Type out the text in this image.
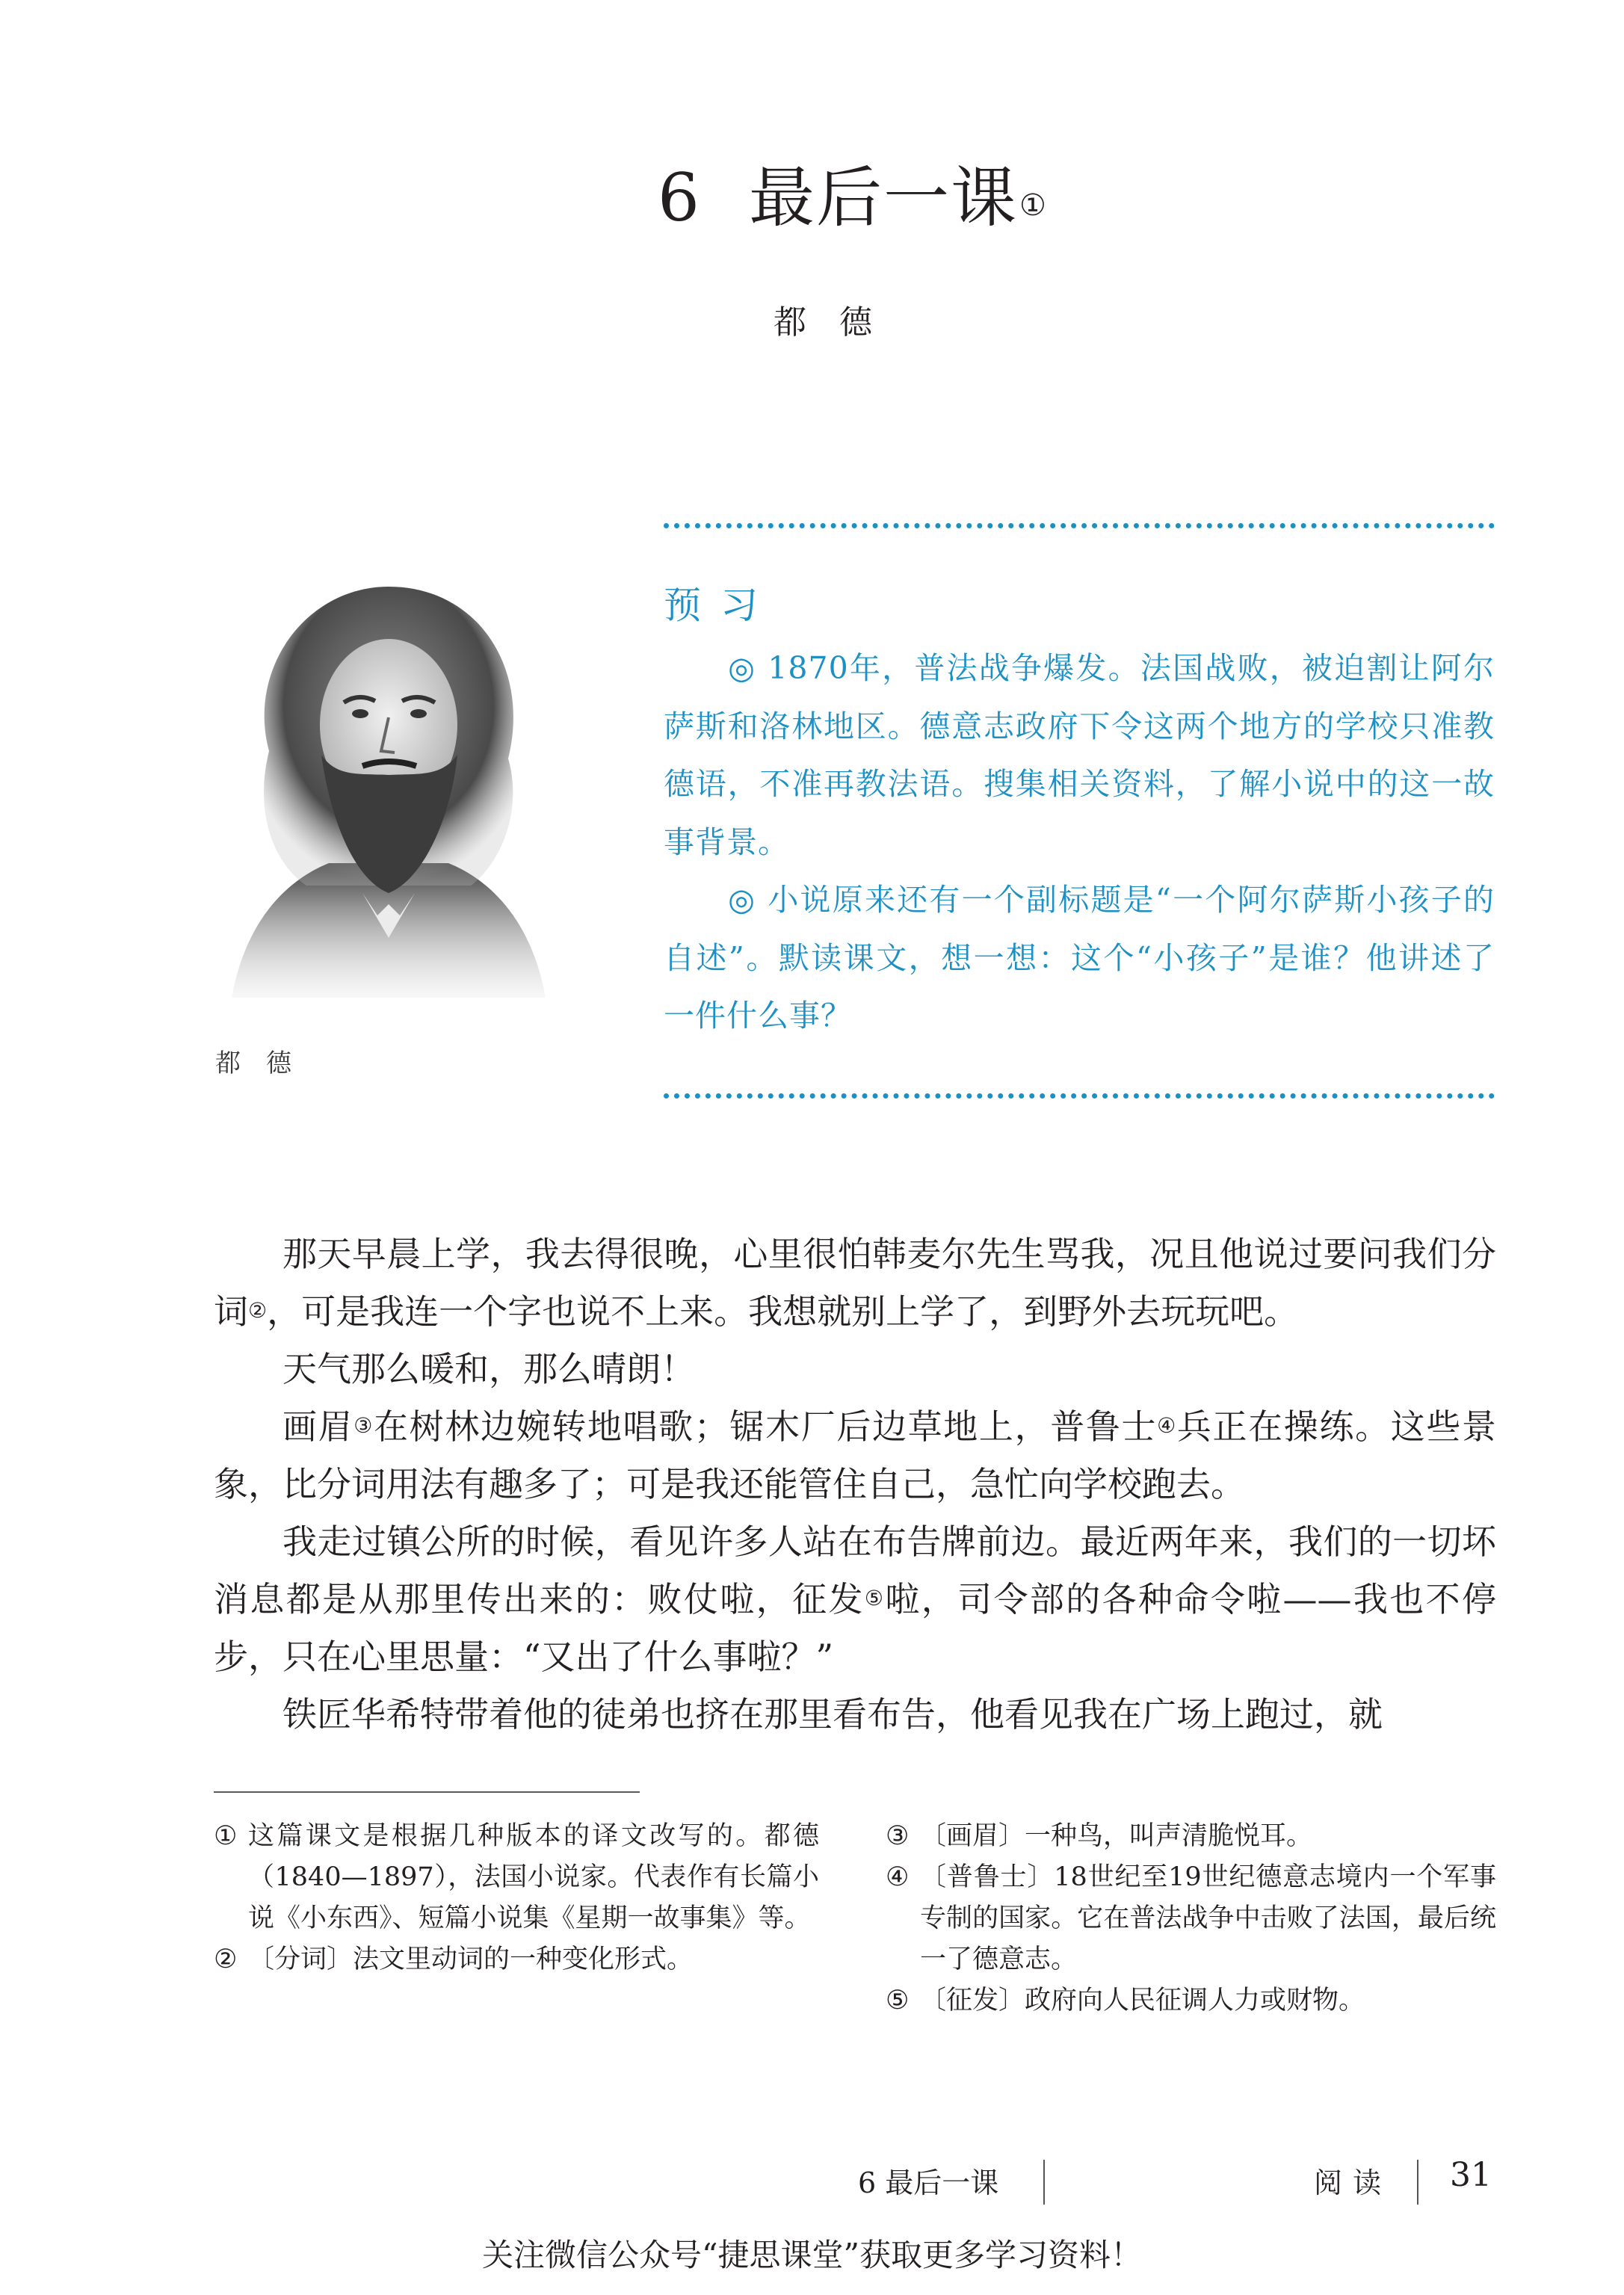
6 最后一课①
都德
都德
预习

◎ 1870年，普法战争爆发。法国战败，被迫割让阿尔萨斯和洛林地区。德意志政府下令这两个地方的学校只准教德语，不准再教法语。搜集相关资料，了解小说中的这一故事背景。

◎ 小说原来还有一个副标题是“一个阿尔萨斯小孩子的自述”。默读课文，想一想：这个“小孩子”是谁？他讲述了一件什么事？

那天早晨上学，我去得很晚，心里很怕韩麦尔先生骂我，况且他说过要问我们分词②，可是我连一个字也说不上来。我想就别上学了，到野外去玩玩吧。

天气那么暖和，那么晴朗！

画眉③在树林边婉转地唱歌；锯木厂后边草地上，普鲁士④兵正在操练。这些景象，比分词用法有趣多了；可是我还能管住自己，急忙向学校跑去。

我走过镇公所的时候，看见许多人站在布告牌前边。最近两年来，我们的一切坏消息都是从那里传出来的：败仗啦，征发⑤啦，司令部的各种命令啦——我也不停步，只在心里思量：“又出了什么事啦？”

铁匠华希特带着他的徒弟也挤在那里看布告，他看见我在广场上跑过，就

① 这篇课文是根据几种版本的译文改写的。都德（1840—1897），法国小说家。代表作有长篇小说《小东西》、短篇小说集《星期一故事集》等。
② 〔分词〕法文里动词的一种变化形式。
③ 〔画眉〕一种鸟，叫声清脆悦耳。
④ 〔普鲁士〕18世纪至19世纪德意志境内一个军事专制的国家。它在普法战争中击败了法国，最后统一了德意志。
⑤ 〔征发〕政府向人民征调人力或财物。
6 最后一课	阅读 31
关注微信公众号“捷思课堂”获取更多学习资料！
